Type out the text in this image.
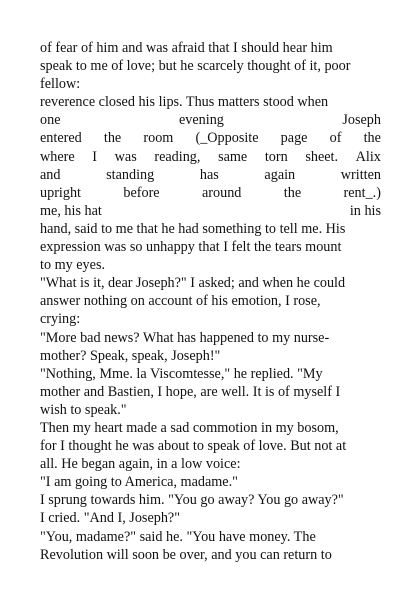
of fear of him and was afraid that I should hear him
speak to me of love; but he scarcely thought of it, poor
fellow:
reverence closed his lips. Thus matters stood when
one	evening	Joseph
entered the room (_Opposite page of the
where I was reading, same torn sheet. Alix
and	standing	has	again	written
upright	before	around	the	rent_.)
me, his hat	in his
hand, said to me that he had something to tell me. His
expression was so unhappy that I felt the tears mount
to my eyes.
"What is it, dear Joseph?" I asked; and when he could
answer nothing on account of his emotion, I rose,
crying:
"More bad news? What has happened to my nurse-
mother? Speak, speak, Joseph!"
"Nothing, Mme. la Viscomtesse," he replied. "My
mother and Bastien, I hope, are well. It is of myself I
wish to speak."
Then my heart made a sad commotion in my bosom,
for I thought he was about to speak of love. But not at
all. He began again, in a low voice:
"I am going to America, madame."
I sprung towards him. "You go away? You go away?"
I cried. "And I, Joseph?"
"You, madame?" said he. "You have money. The
Revolution will soon be over, and you can return to
